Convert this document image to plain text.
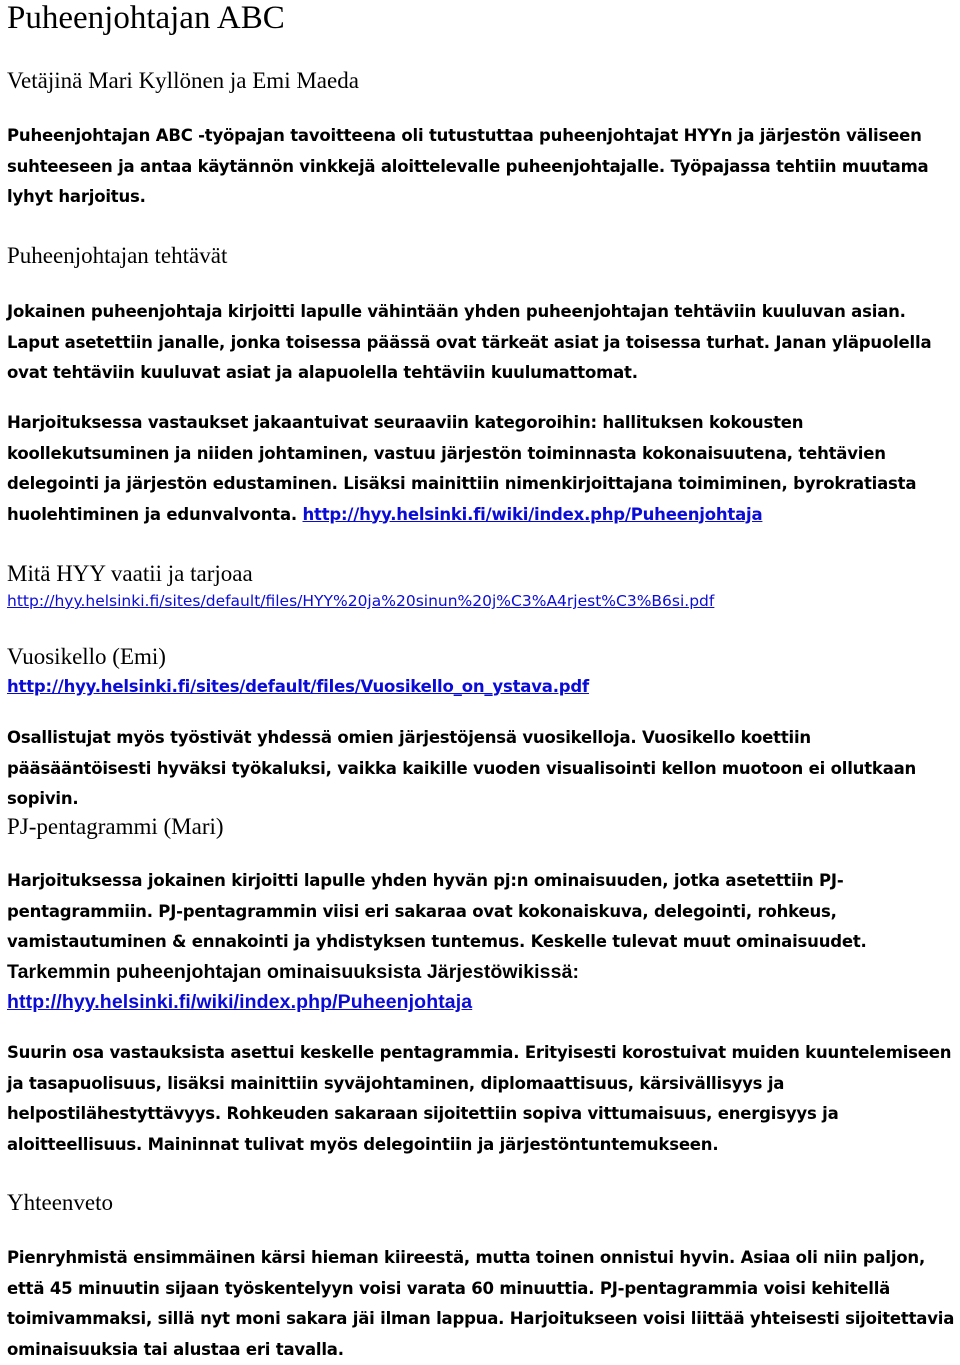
Puheenjohtajan ABC
Vetäjinä Mari Kyllönen ja Emi Maeda

Puheenjohtajan ABC -työpajan tavoitteena oli tutustuttaa puheenjohtajat HYYn ja järjestön väliseen suhteeseen ja antaa käytännön vinkkejä aloittelevalle puheenjohtajalle. Työpajassa tehtiin muutama lyhyt harjoitus.

Puheenjohtajan tehtävät

Jokainen puheenjohtaja kirjoitti lapulle vähintään yhden puheenjohtajan tehtäviin kuuluvan asian. Laput asetettiin janalle, jonka toisessa päässä ovat tärkeät asiat ja toisessa turhat. Janan yläpuolella ovat tehtäviin kuuluvat asiat ja alapuolella tehtäviin kuulumattomat.

Harjoituksessa vastaukset jakaantuivat seuraaviin kategoroihin: hallituksen kokousten koollekutsuminen ja niiden johtaminen, vastuu järjestön toiminnasta kokonaisuutena, tehtävien delegointi ja järjestön edustaminen. Lisäksi mainittiin nimenkirjoittajana toimiminen, byrokratiasta huolehtiminen ja edunvalvonta. http://hyy.helsinki.fi/wiki/index.php/Puheenjohtaja

Mitä HYY vaatii ja tarjoaa
http://hyy.helsinki.fi/sites/default/files/HYY%20ja%20sinun%20j%C3%A4rjest%C3%B6si.pdf
Vuosikello (Emi)
http://hyy.helsinki.fi/sites/default/files/Vuosikello_on_ystava.pdf

Osallistujat myös työstivät yhdessä omien järjestöjensä vuosikelloja. Vuosikello koettiin pääsääntöisesti hyväksi työkaluksi, vaikka kaikille vuoden visualisointi kellon muotoon ei ollutkaan sopivin.

PJ-pentagrammi (Mari)

Harjoituksessa jokainen kirjoitti lapulle yhden hyvän pj:n ominaisuuden, jotka asetettiin PJ-pentagrammiin. PJ-pentagrammin viisi eri sakaraa ovat kokonaiskuva, delegointi, rohkeus, vamistautuminen & ennakointi ja yhdistyksen tuntemus. Keskelle tulevat muut ominaisuudet.

Tarkemmin puheenjohtajan ominaisuuksista Järjestöwikissä:
http://hyy.helsinki.fi/wiki/index.php/Puheenjohtaja

Suurin osa vastauksista asettui keskelle pentagrammia. Erityisesti korostuivat muiden kuuntelemiseen ja tasapuolisuus, lisäksi mainittiin syväjohtaminen, diplomaattisuus, kärsivällisyys ja helpostilähestyttävyys. Rohkeuden sakaraan sijoitettiin sopiva vittumaisuus, energisyys ja aloitteellisuus. Maininnat tulivat myös delegointiin ja järjestöntuntemukseen.

Yhteenveto

Pienryhmistä ensimmäinen kärsi hieman kiireestä, mutta toinen onnistui hyvin. Asiaa oli niin paljon, että 45 minuutin sijaan työskentelyyn voisi varata 60 minuuttia. PJ-pentagrammia voisi kehitellä toimivammaksi, sillä nyt moni sakara jäi ilman lappua. Harjoitukseen voisi liittää yhteisesti sijoitettavia ominaisuuksia tai alustaa eri tavalla.
